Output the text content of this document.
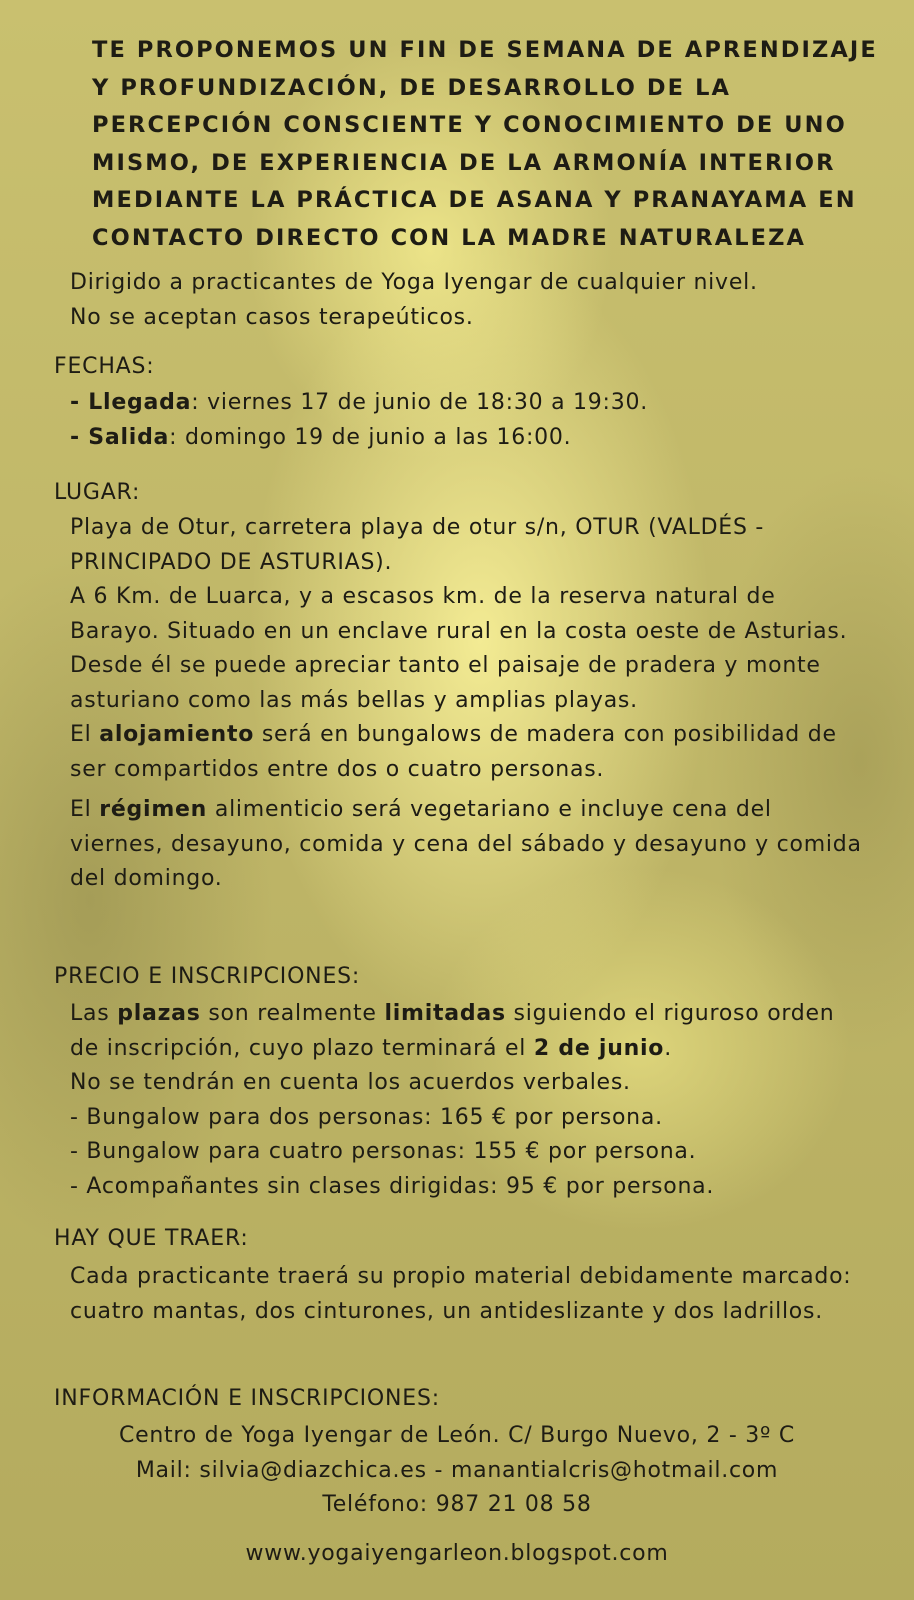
TE PROPONEMOS UN FIN DE SEMANA DE APRENDIZAJE Y PROFUNDIZACIÓN, DE DESARROLLO DE LA PERCEPCIÓN CONSCIENTE Y CONOCIMIENTO DE UNO MISMO, DE EXPERIENCIA DE LA ARMONÍA INTERIOR MEDIANTE LA PRÁCTICA DE ASANA Y PRANAYAMA EN CONTACTO DIRECTO CON LA MADRE NATURALEZA

Dirigido a practicantes de Yoga Iyengar de cualquier nivel.

No se aceptan casos terapeúticos.

FECHAS:

- Llegada: viernes 17 de junio de 18:30 a 19:30.

- Salida: domingo 19 de junio a las 16:00.

LUGAR:

Playa de Otur, carretera playa de otur s/n, OTUR (VALDÉS - PRINCIPADO DE ASTURIAS).

A 6 Km. de Luarca, y a escasos km. de la reserva natural de Barayo. Situado en un enclave rural en la costa oeste de Asturias. Desde él se puede apreciar tanto el paisaje de pradera y monte asturiano como las más bellas y amplias playas.

El alojamiento será en bungalows de madera con posibilidad de ser compartidos entre dos o cuatro personas.

El régimen alimenticio será vegetariano e incluye cena del viernes, desayuno, comida y cena del sábado y desayuno y comida del domingo.

PRECIO E INSCRIPCIONES:

Las plazas son realmente limitadas siguiendo el riguroso orden de inscripción, cuyo plazo terminará el 2 de junio.

No se tendrán en cuenta los acuerdos verbales.

- Bungalow para dos personas: 165 € por persona.

- Bungalow para cuatro personas: 155 € por persona.

- Acompañantes sin clases dirigidas: 95 € por persona.

HAY QUE TRAER:

Cada practicante traerá su propio material debidamente marcado: cuatro mantas, dos cinturones, un antideslizante y dos ladrillos.

INFORMACIÓN E INSCRIPCIONES:

Centro de Yoga Iyengar de León. C/ Burgo Nuevo, 2 - 3º C

Mail: silvia@diazchica.es - manantialcris@hotmail.com

Teléfono: 987 21 08 58

www.yogaiyengarleon.blogspot.com
